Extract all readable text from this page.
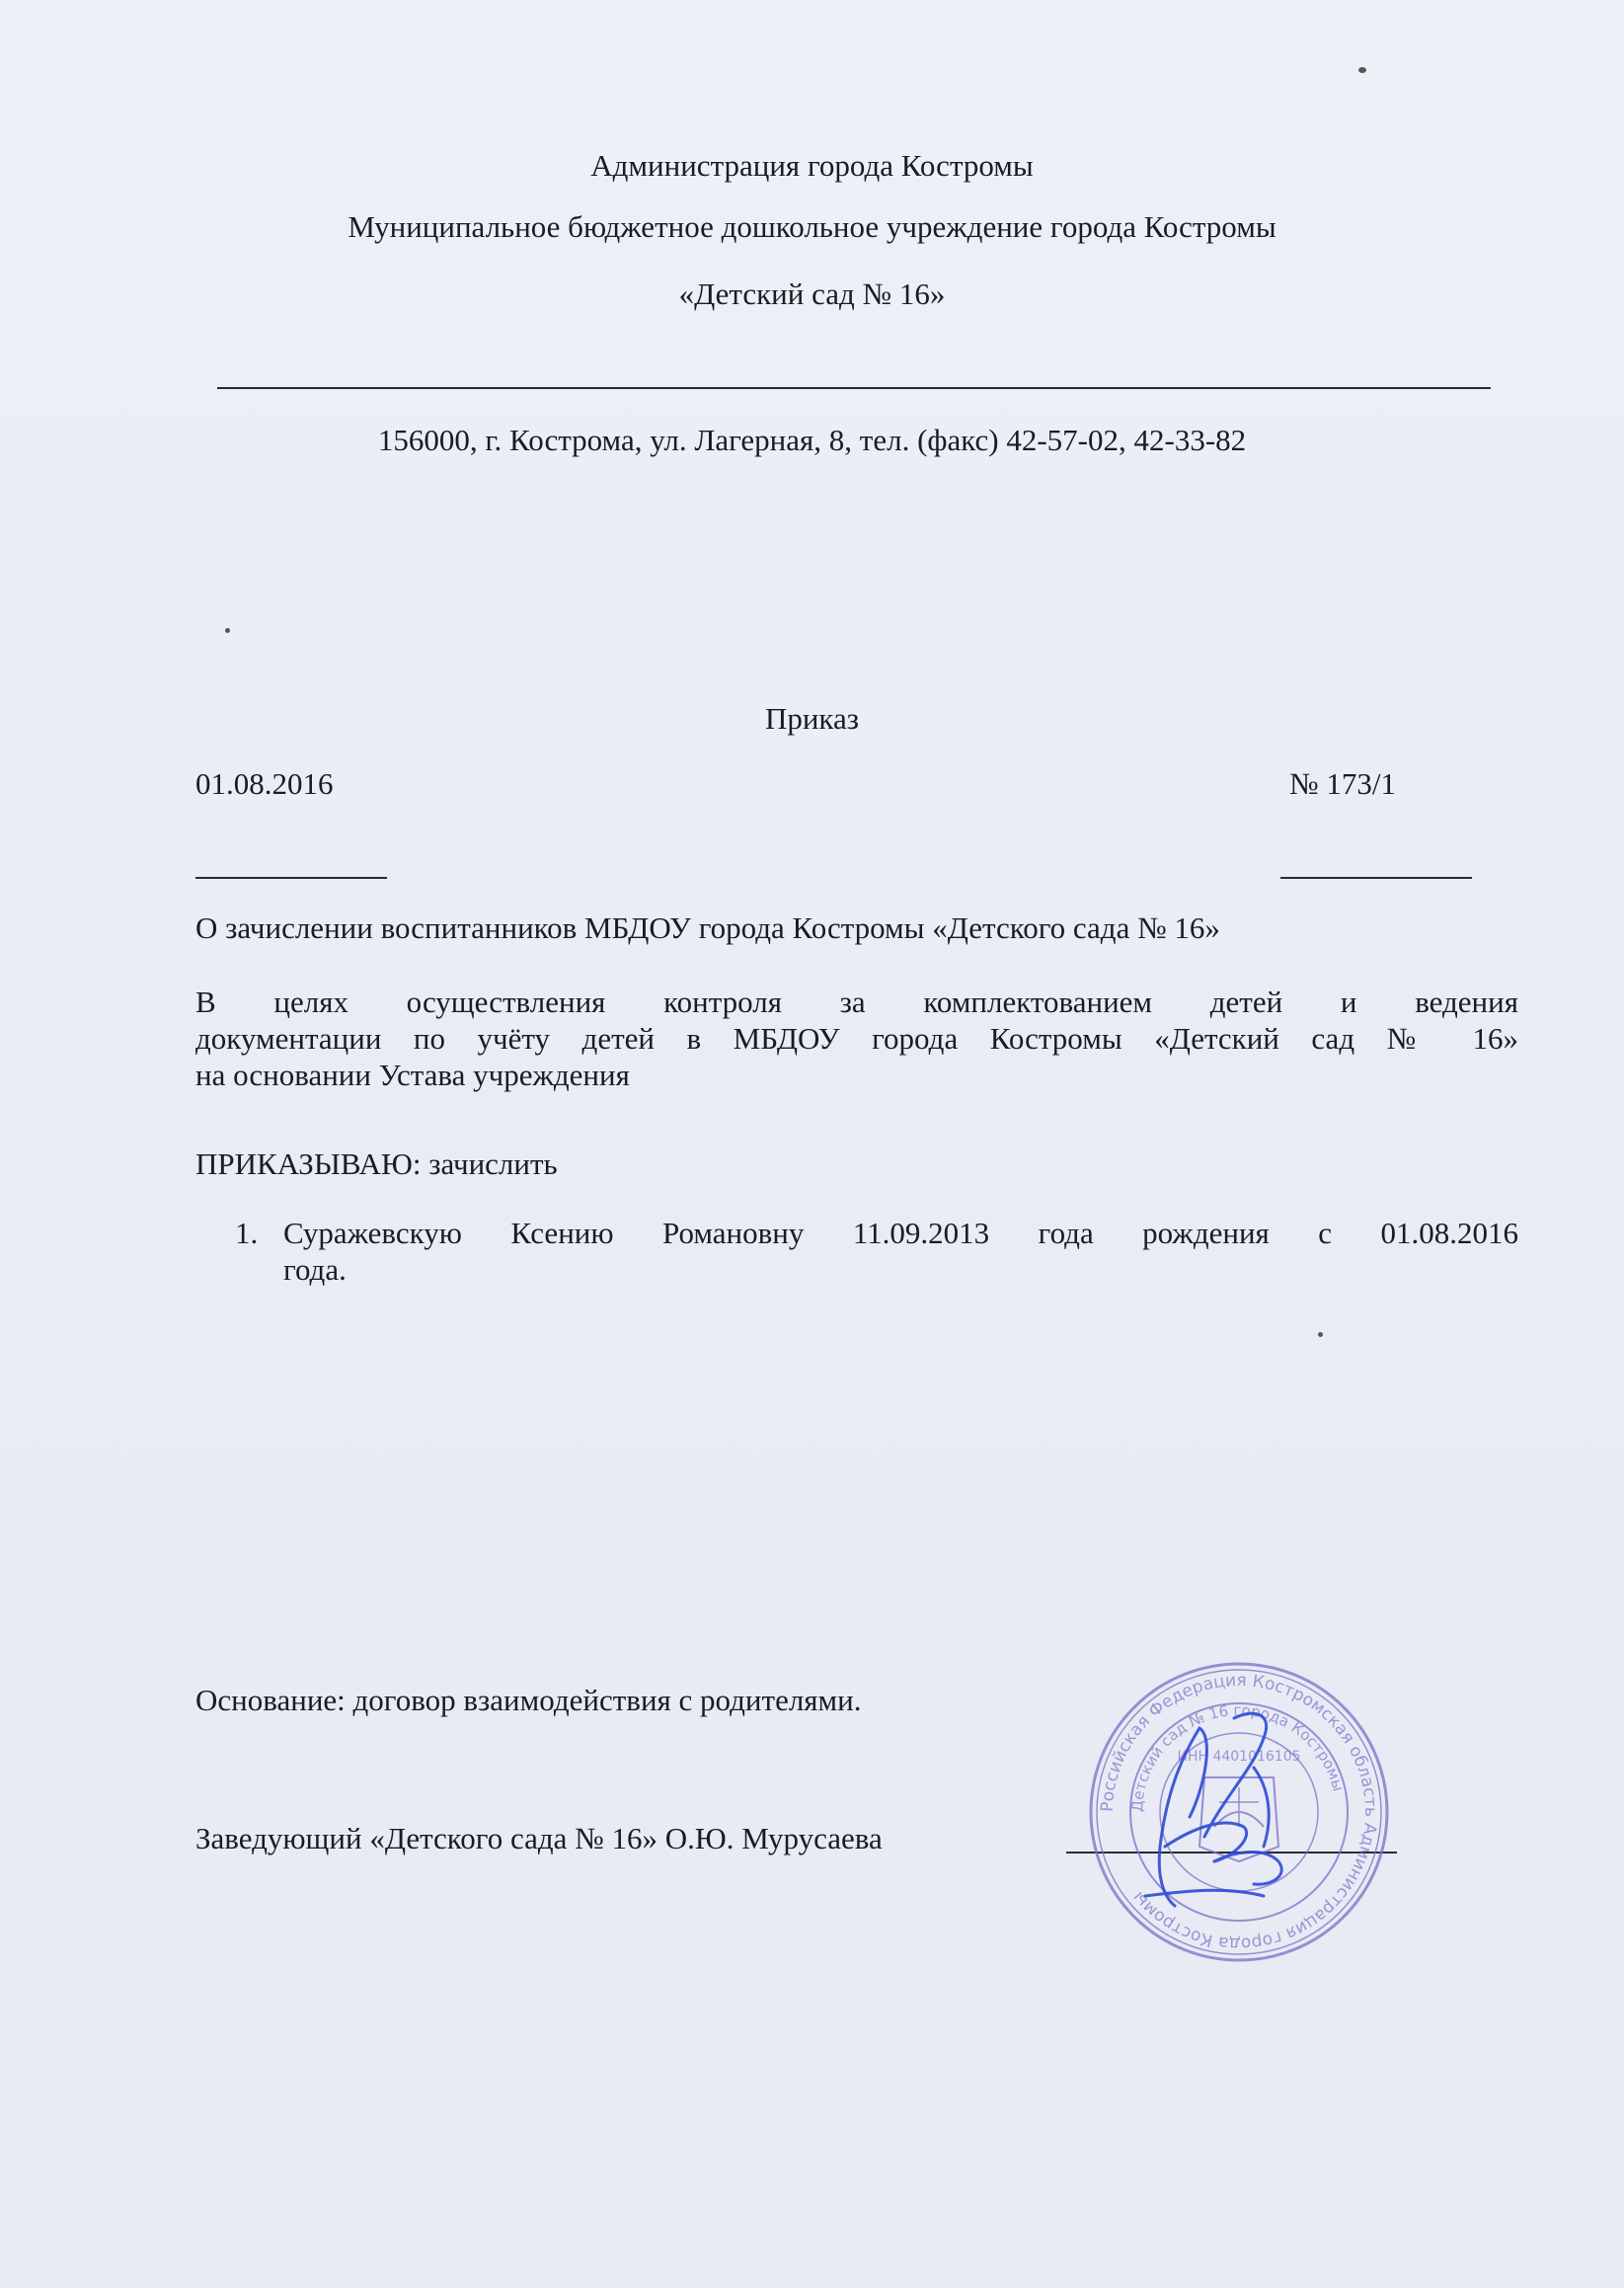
Администрация города Костромы
Муниципальное бюджетное дошкольное учреждение города Костромы
«Детский сад № 16»
156000, г. Кострома, ул. Лагерная, 8, тел. (факс) 42-57-02, 42-33-82
Приказ
01.08.2016	№ 173/1
О зачислении воспитанников МБДОУ города Костромы «Детского сада № 16»

В целях осуществления контроля за комплектованием детей и ведения

документации по учёту детей в МБДОУ города Костромы «Детский сад № 16»

на основании Устава учреждения

ПРИКАЗЫВАЮ: зачислить
1. Суражевскую Ксению Романовну 11.09.2013 года рождения с 01.08.2016
года.
Основание: договор взаимодействия с родителями.
Заведующий «Детского сада № 16» О.Ю. Мурусаева
Российская Федерация Костромская область Администрация города Костромы
Детский сад № 16 города Костромы
ИНН 4401016105
